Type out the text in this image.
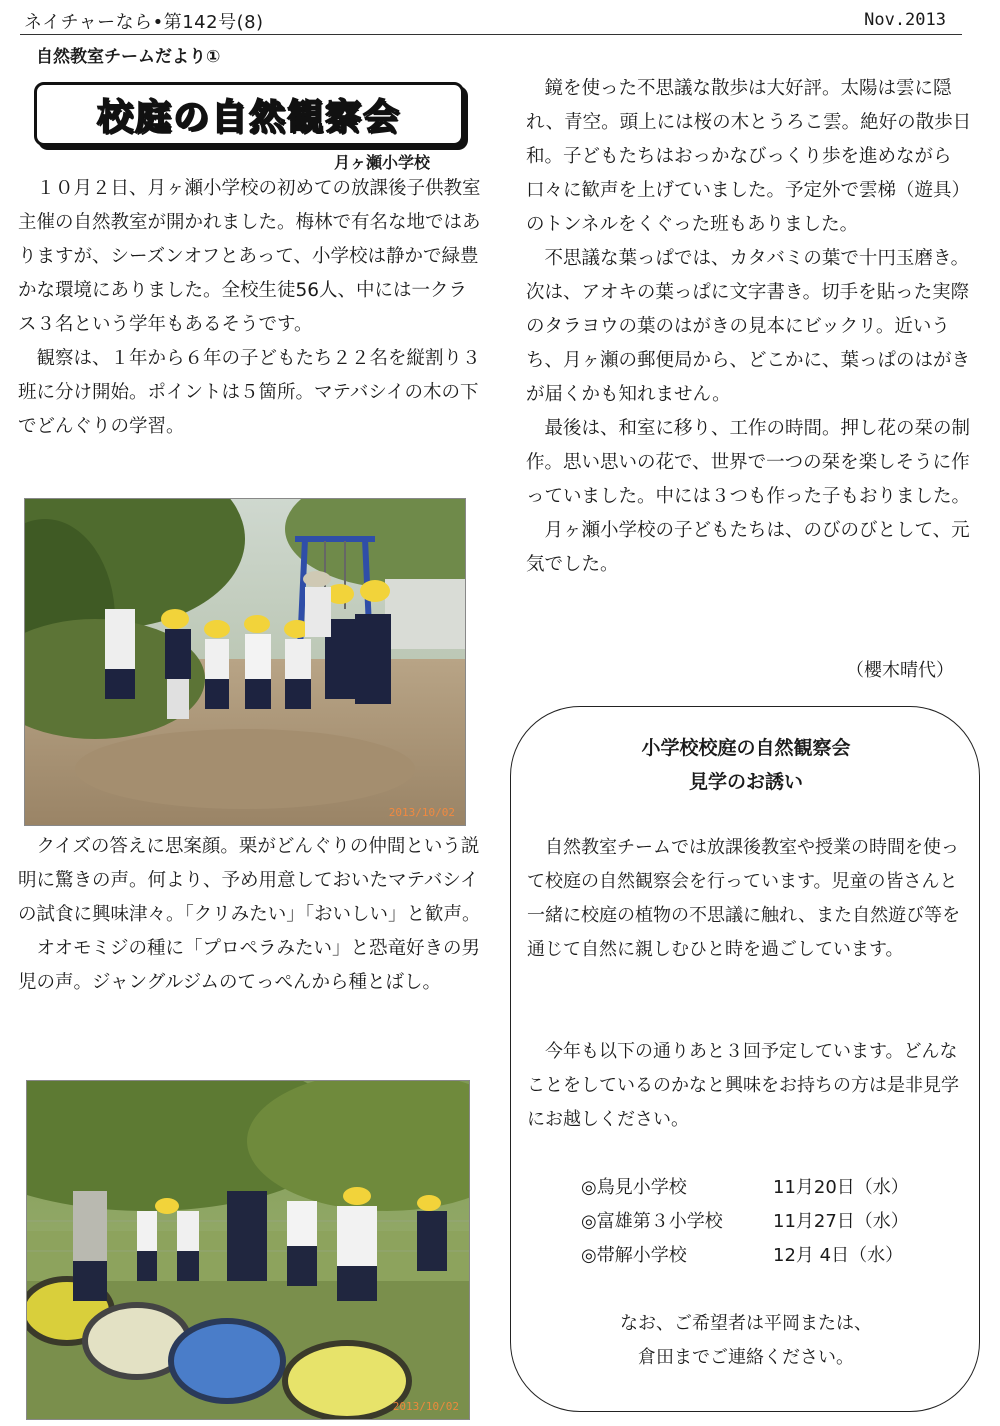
ネイチャーなら•第142号(8)	Nov.2013
自然教室チームだより①
校庭の自然観察会
月ヶ瀬小学校

１０月２日、月ヶ瀬小学校の初めての放課後子供教室主催の自然教室が開かれました。梅林で有名な地ではありますが、シーズンオフとあって、小学校は静かで緑豊かな環境にありました。全校生徒56人、中には一クラス３名という学年もあるそうです。

観察は、１年から６年の子どもたち２２名を縦割り３班に分け開始。ポイントは５箇所。マテバシイの木の下でどんぐりの学習。

2013/10/02

クイズの答えに思案顔。栗がどんぐりの仲間という説明に驚きの声。何より、予め用意しておいたマテバシイの試食に興味津々。「クリみたい」「おいしい」と歓声。

オオモミジの種に「プロペラみたい」と恐竜好きの男児の声。ジャングルジムのてっぺんから種とばし。

2013/10/02

鏡を使った不思議な散歩は大好評。太陽は雲に隠れ、青空。頭上には桜の木とうろこ雲。絶好の散歩日和。子どもたちはおっかなびっくり歩を進めながら口々に歓声を上げていました。予定外で雲梯（遊具）のトンネルをくぐった班もありました。

不思議な葉っぱでは、カタバミの葉で十円玉磨き。次は、アオキの葉っぱに文字書き。切手を貼った実際のタラヨウの葉のはがきの見本にビックリ。近いうち、月ヶ瀬の郵便局から、どこかに、葉っぱのはがきが届くかも知れません。

最後は、和室に移り、工作の時間。押し花の栞の制作。思い思いの花で、世界で一つの栞を楽しそうに作っていました。中には３つも作った子もおりました。

月ヶ瀬小学校の子どもたちは、のびのびとして、元気でした。

（櫻木晴代）
小学校校庭の自然観察会
見学のお誘い

自然教室チームでは放課後教室や授業の時間を使って校庭の自然観察会を行っています。児童の皆さんと一緒に校庭の植物の不思議に触れ、また自然遊び等を通じて自然に親しむひと時を過ごしています。

今年も以下の通りあと３回予定しています。どんなことをしているのかなと興味をお持ちの方は是非見学にお越しください。

◎鳥見小学校	11月20日（水）
◎富雄第３小学校	11月27日（水）
◎帯解小学校	12月 4日（水）
なお、ご希望者は平岡または、
倉田までご連絡ください。
